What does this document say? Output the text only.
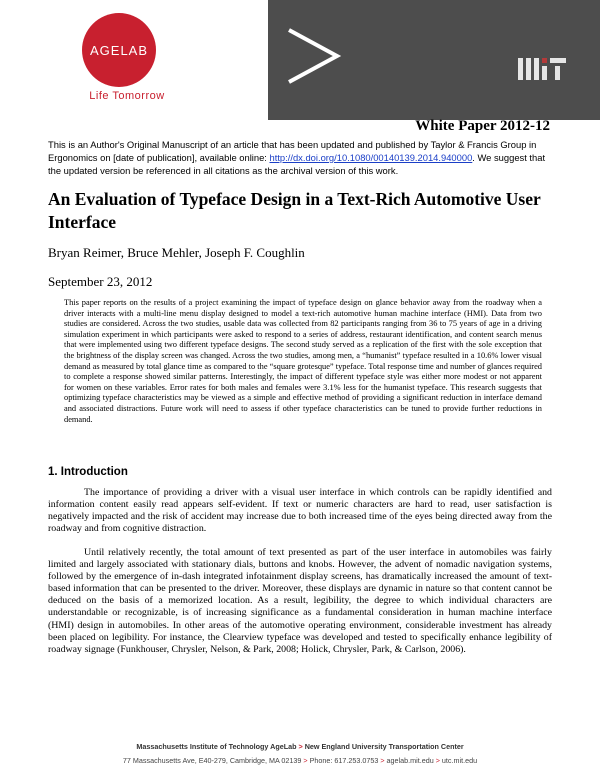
AGELAB
Life Tomorrow
White Paper 2012-12
This is an Author's Original Manuscript of an article that has been updated and published by Taylor & Francis Group in Ergonomics on [date of publication], available online: http://dx.doi.org/10.1080/00140139.2014.940000. We suggest that the updated version be referenced in all citations as the archival version of this work.
An Evaluation of Typeface Design in a Text-Rich Automotive User Interface
Bryan Reimer, Bruce Mehler, Joseph F. Coughlin
September 23, 2012
This paper reports on the results of a project examining the impact of typeface design on glance behavior away from the roadway when a driver interacts with a multi-line menu display designed to model a text-rich automotive human machine interface (HMI). Data from two studies are considered. Across the two studies, usable data was collected from 82 participants ranging from 36 to 75 years of age in a driving simulation experiment in which participants were asked to respond to a series of address, restaurant identification, and content search menus that were implemented using two different typeface designs. The second study served as a replication of the first with the sole exception that the brightness of the display screen was changed. Across the two studies, among men, a “humanist” typeface resulted in a 10.6% lower visual demand as measured by total glance time as compared to the “square grotesque” typeface. Total response time and number of glances required to complete a response showed similar patterns. Interestingly, the impact of different typeface style was either more modest or not apparent for women on these variables. Error rates for both males and females were 3.1% less for the humanist typeface. This research suggests that optimizing typeface characteristics may be viewed as a simple and effective method of providing a significant reduction in interface demand and associated distractions. Future work will need to assess if other typeface characteristics can be tuned to provide further reductions in demand.
1. Introduction

The importance of providing a driver with a visual user interface in which controls can be rapidly identified and information content easily read appears self-evident. If text or numeric characters are hard to read, user satisfaction is negatively impacted and the risk of accident may increase due to both increased time of the eyes being directed away from the roadway and from cognitive distraction.

Until relatively recently, the total amount of text presented as part of the user interface in automobiles was fairly limited and largely associated with stationary dials, buttons and knobs. However, the advent of nomadic navigation systems, followed by the emergence of in-dash integrated infotainment display screens, has dramatically increased the amount of text-based information that can be presented to the driver. Moreover, these displays are dynamic in nature so that content cannot be deduced on the basis of a memorized location. As a result, legibility, the degree to which individual characters are understandable or recognizable, is of increasing significance as a fundamental consideration in human machine interface (HMI) design in automobiles. In other areas of the automotive operating environment, considerable investment has already been placed on legibility. For instance, the Clearview typeface was developed and tested to specifically enhance legibility of roadway signage (Funkhouser, Chrysler, Nelson, & Park, 2008; Holick, Chrysler, Park, & Carlson, 2006).

Massachusetts Institute of Technology AgeLab > New England University Transportation Center
77 Massachusetts Ave, E40-279, Cambridge, MA 02139 > Phone: 617.253.0753 > agelab.mit.edu > utc.mit.edu
